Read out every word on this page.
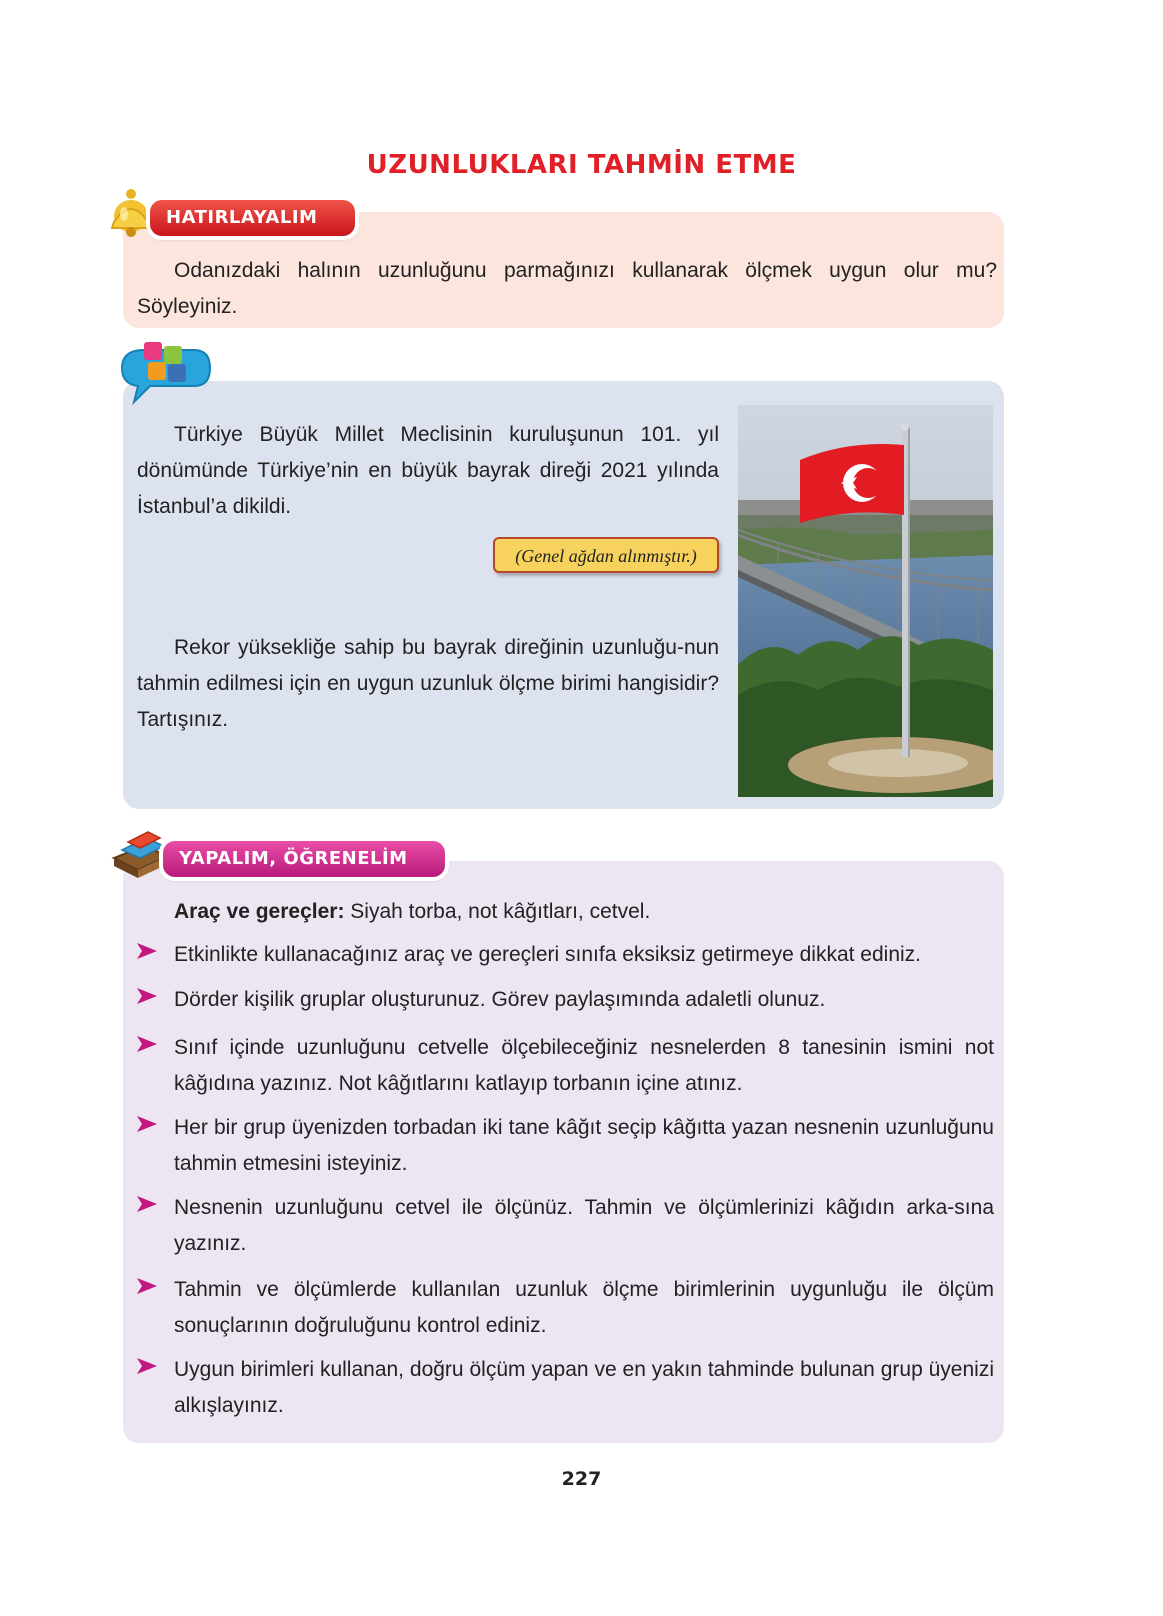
UZUNLUKLARI TAHMİN ETME
HATIRLAYALIM
Odanızdaki halının uzunluğunu parmağınızı kullanarak ölçmek uygun olur mu? Söyleyiniz.
Türkiye Büyük Millet Meclisinin kuruluşunun 101. yıl dönümünde Türkiye’nin en büyük bayrak direği 2021 yılında İstanbul’a dikildi.
(Genel ağdan alınmıştır.)
Rekor yüksekliğe sahip bu bayrak direğinin uzunluğu-nun tahmin edilmesi için en uygun uzunluk ölçme birimi hangisidir? Tartışınız.
YAPALIM, ÖĞRENELİM
Araç ve gereçler: Siyah torba, not kâğıtları, cetvel.
Etkinlikte kullanacağınız araç ve gereçleri sınıfa eksiksiz getirmeye dikkat ediniz.
Dörder kişilik gruplar oluşturunuz. Görev paylaşımında adaletli olunuz.
Sınıf içinde uzunluğunu cetvelle ölçebileceğiniz nesnelerden 8 tanesinin ismini not kâğıdına yazınız. Not kâğıtlarını katlayıp torbanın içine atınız.
Her bir grup üyenizden torbadan iki tane kâğıt seçip kâğıtta yazan nesnenin uzunluğunu tahmin etmesini isteyiniz.
Nesnenin uzunluğunu cetvel ile ölçünüz. Tahmin ve ölçümlerinizi kâğıdın arka-sına yazınız.
Tahmin ve ölçümlerde kullanılan uzunluk ölçme birimlerinin uygunluğu ile ölçüm sonuçlarının doğruluğunu kontrol ediniz.
Uygun birimleri kullanan, doğru ölçüm yapan ve en yakın tahminde bulunan grup üyenizi alkışlayınız.
227
